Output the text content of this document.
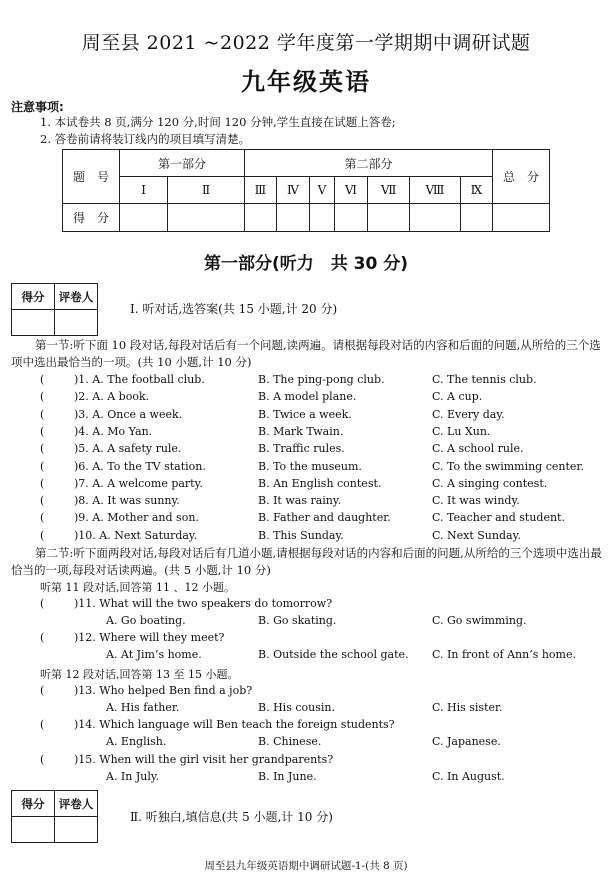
周至县 2021 ~2022 学年度第一学期期中调研试题
九年级英语
注意事项:
1. 本试卷共 8 页,满分 120 分,时间 120 分钟,学生直接在试题上答卷;
2. 答卷前请将装订线内的项目填写清楚。
题　号	第一部分		第二部分							总　分
	Ⅰ	Ⅱ	Ⅲ	Ⅳ	Ⅴ	Ⅵ	Ⅶ	Ⅷ	Ⅸ	
得　分										
第一部分(听力　共 30 分)
得分	评卷人

Ⅰ. 听对话,选答案(共 15 小题,计 20 分)
第一节:听下面 10 段对话,每段对话后有一个问题,读两遍。请根据每段对话的内容和后面的问题,从所给的三个选项中选出最恰当的一项。(共 10 小题,计 10 分)
(	)1. A. The football club.	B. The ping-pong club.	C. The tennis club.
(	)2. A. A book.	B. A model plane.	C. A cup.
(	)3. A. Once a week.	B. Twice a week.	C. Every day.
(	)4. A. Mo Yan.	B. Mark Twain.	C. Lu Xun.
(	)5. A. A safety rule.	B. Traffic rules.	C. A school rule.
(	)6. A. To the TV station.	B. To the museum.	C. To the swimming center.
(	)7. A. A welcome party.	B. An English contest.	C. A singing contest.
(	)8. A. It was sunny.	B. It was rainy.	C. It was windy.
(	)9. A. Mother and son.	B. Father and daughter.	C. Teacher and student.
(	)10. A. Next Saturday.	B. This Sunday.	C. Next Sunday.
第二节:听下面两段对话,每段对话后有几道小题,请根据每段对话的内容和后面的问题,从所给的三个选项中选出最恰当的一项,每段对话读两遍。(共 5 小题,计 10 分)
听第 11 段对话,回答第 11 、12 小题。
听第 12 段对话,回答第 13 至 15 小题。
(	)11. What will the two speakers do tomorrow?
A. Go boating.	B. Go skating.	C. Go swimming.
(	)12. Where will they meet?
A. At Jim’s home.	B. Outside the school gate. C. In front of Ann’s home.
(	)13. Who helped Ben find a job?
A. His father.	B. His cousin.	C. His sister.
(	)14. Which language will Ben teach the foreign students?
A. English.	B. Chinese.	C. Japanese.
(	)15. When will the girl visit her grandparents?
A. In July.	B. In June.	C. In August.
得分	评卷人

Ⅱ. 听独白,填信息(共 5 小题,计 10 分)
周至县九年级英语期中调研试题-1-(共 8 页)
